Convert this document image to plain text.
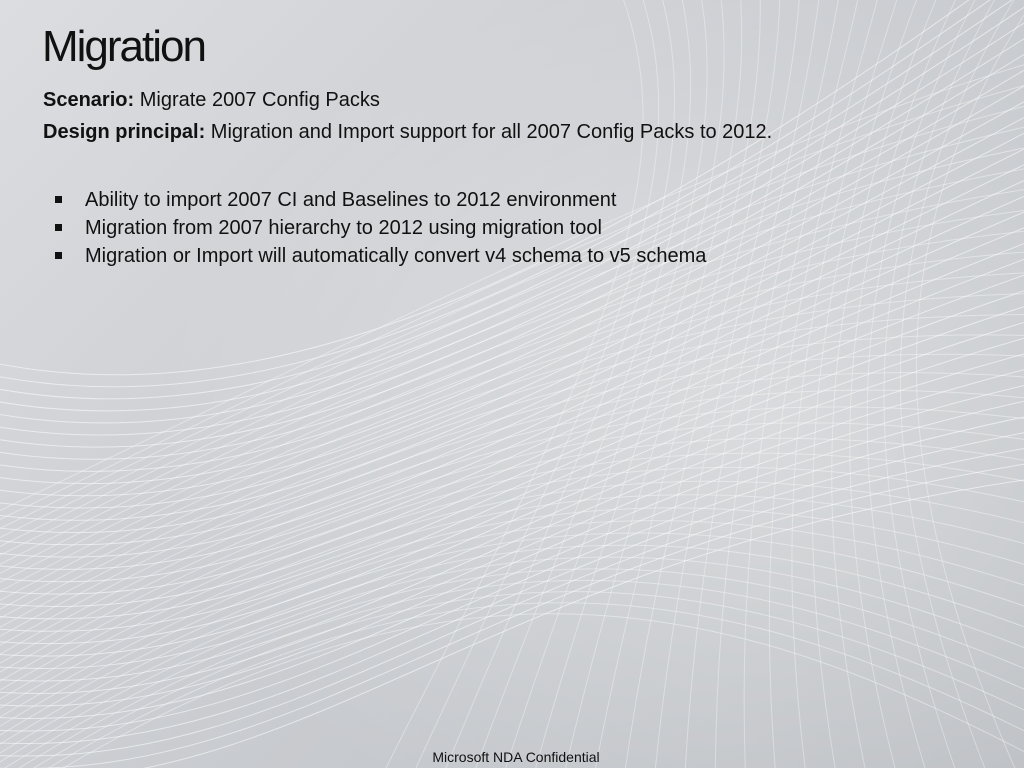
Migration

Scenario: Migrate 2007 Config Packs

Design principal: Migration and Import support for all 2007 Config Packs to 2012.

Ability to import 2007 CI and Baselines to 2012 environment
Migration from 2007 hierarchy to 2012 using migration tool
Migration or Import will automatically convert v4 schema to v5 schema
Microsoft NDA Confidential
